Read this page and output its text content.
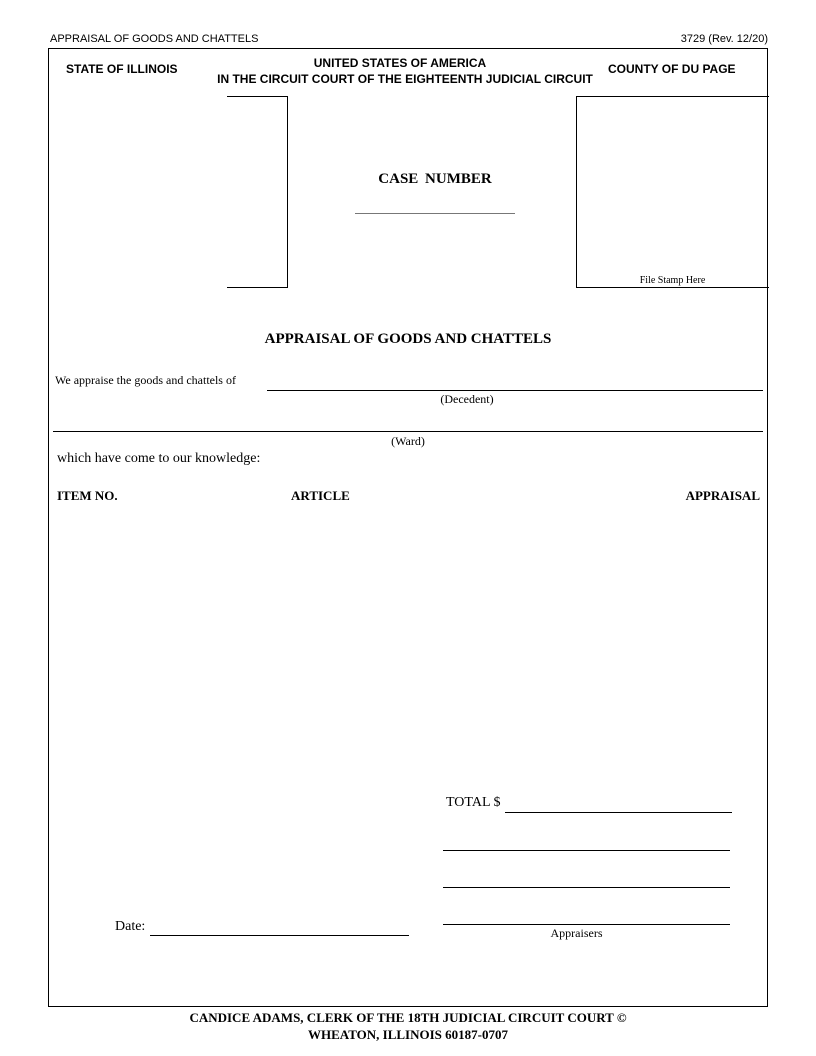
APPRAISAL OF GOODS AND CHATTELS	3729 (Rev. 12/20)
STATE OF ILLINOIS	UNITED STATES OF AMERICA
IN THE CIRCUIT COURT OF THE EIGHTEENTH JUDICIAL CIRCUIT
COUNTY OF DU PAGE
CASE NUMBER
File Stamp Here
APPRAISAL OF GOODS AND CHATTELS
We appraise the goods and chattels of
(Decedent)
(Ward)
which have come to our knowledge:
ITEM NO.	ARTICLE	APPRAISAL
TOTAL $
Appraisers
Date:
CANDICE ADAMS, CLERK OF THE 18TH JUDICIAL CIRCUIT COURT ©
WHEATON, ILLINOIS 60187-0707
